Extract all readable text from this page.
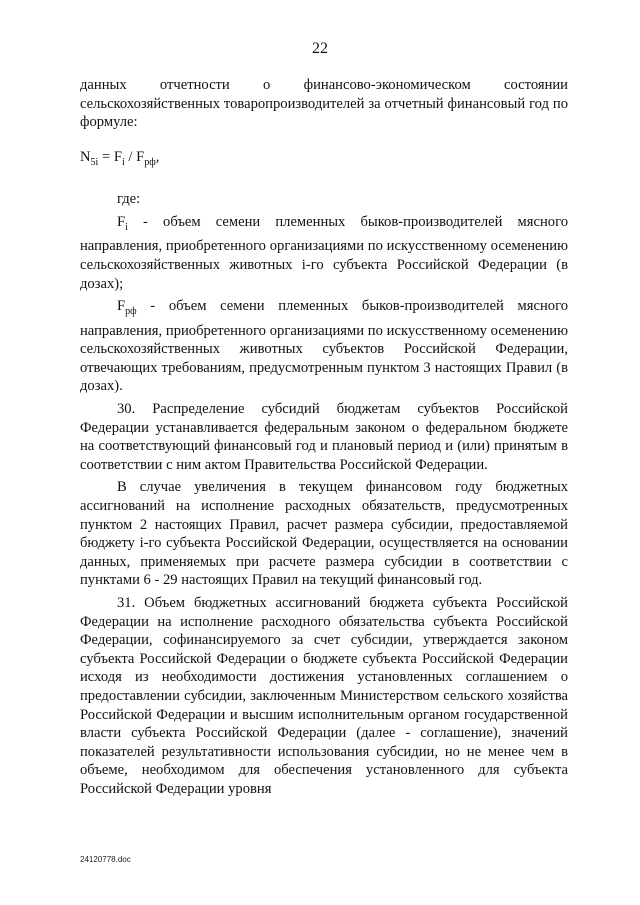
22

данных отчетности о финансово-экономическом состоянии сельскохозяйственных товаропроизводителей за отчетный финансовый год по формуле:

$N_{5i} = F_i / F_{рф}$,

где:

$F_i$ - объем семени племенных быков-производителей мясного направления, приобретенного организациями по искусственному осеменению сельскохозяйственных животных i-го субъекта Российской Федерации (в дозах);

$F_{рф}$ - объем семени племенных быков-производителей мясного направления, приобретенного организациями по искусственному осеменению сельскохозяйственных животных субъектов Российской Федерации, отвечающих требованиям, предусмотренным пунктом 3 настоящих Правил (в дозах).

30. Распределение субсидий бюджетам субъектов Российской Федерации устанавливается федеральным законом о федеральном бюджете на соответствующий финансовый год и плановый период и (или) принятым в соответствии с ним актом Правительства Российской Федерации.

В случае увеличения в текущем финансовом году бюджетных ассигнований на исполнение расходных обязательств, предусмотренных пунктом 2 настоящих Правил, расчет размера субсидии, предоставляемой бюджету i-го субъекта Российской Федерации, осуществляется на основании данных, применяемых при расчете размера субсидии в соответствии с пунктами 6 - 29 настоящих Правил на текущий финансовый год.

31. Объем бюджетных ассигнований бюджета субъекта Российской Федерации на исполнение расходного обязательства субъекта Российской Федерации, софинансируемого за счет субсидии, утверждается законом субъекта Российской Федерации о бюджете субъекта Российской Федерации исходя из необходимости достижения установленных соглашением о предоставлении субсидии, заключенным Министерством сельского хозяйства Российской Федерации и высшим исполнительным органом государственной власти субъекта Российской Федерации (далее - соглашение), значений показателей результативности использования субсидии, но не менее чем в объеме, необходимом для обеспечения установленного для субъекта Российской Федерации уровня

24120778.doc
